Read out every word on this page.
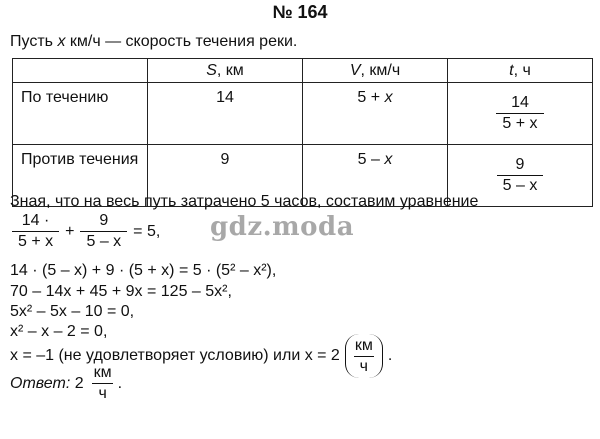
№ 164
Пусть x км/ч — скорость течения реки.
	S, км	V, км/ч	t, ч
По течению	14	5 + x	$\frac{14}{5 + x}$

Против течения	9	5 – x	$\frac{9}{5 - x}$
Зная, что на весь путь затрачено 5 часов, составим уравнение
gdz.moda
$\frac{14 \cdot}{5 + x} + \frac{9}{5 - x} = 5$,
14 · (5 – x) + 9 · (5 + x) = 5 · (5² – x²),
70 – 14x + 45 + 9x = 125 – 5x²,
5x² – 5x – 10 = 0,
x² – x – 2 = 0,
x = –1 (не удовлетворяет условию) или $x = 2 \frac{км}{ч}$ .
Ответ: $2 \frac{км}{ч}$ .
